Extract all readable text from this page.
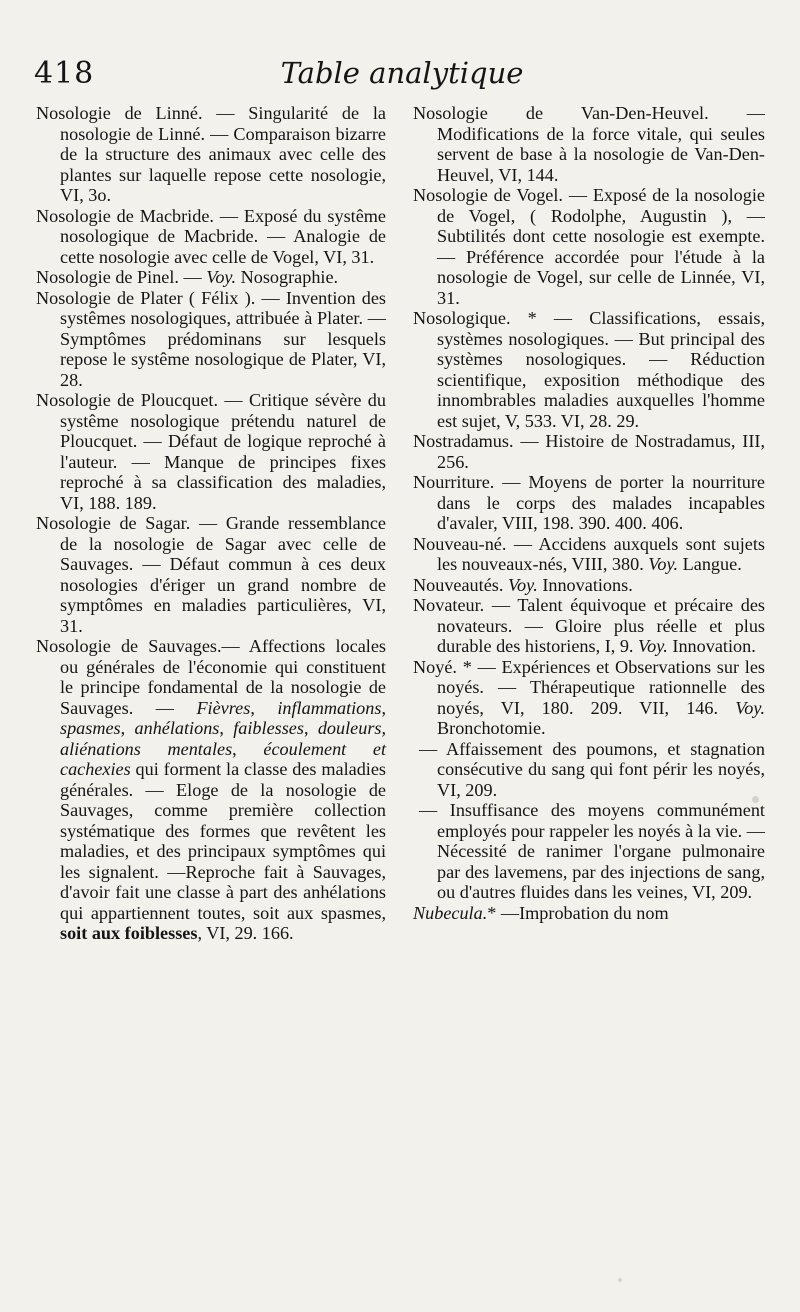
418	Table analytique

Nosologie de Linné. — Singularité de la nosologie de Linné. — Comparaison bizarre de la structure des animaux avec celle des plantes sur laquelle repose cette nosologie, VI, 3o.

Nosologie de Macbride. — Exposé du systême nosologique de Macbride. — Analogie de cette nosologie avec celle de Vogel, VI, 31.

Nosologie de Pinel. — Voy. Nosographie.

Nosologie de Plater ( Félix ). — Invention des systêmes nosologiques, attribuée à Plater. — Symptômes prédominans sur lesquels repose le systême nosologique de Plater, VI, 28.

Nosologie de Ploucquet. — Critique sévère du systême nosologique prétendu naturel de Ploucquet. — Défaut de logique reproché à l'auteur. — Manque de principes fixes reproché à sa classification des maladies, VI, 188. 189.

Nosologie de Sagar. — Grande ressemblance de la nosologie de Sagar avec celle de Sauvages. — Défaut commun à ces deux nosologies d'ériger un grand nombre de symptômes en maladies particulières, VI, 31.

Nosologie de Sauvages.— Affections locales ou générales de l'économie qui constituent le principe fondamental de la nosologie de Sauvages. — Fièvres, inflammations, spasmes, anhélations, faiblesses, douleurs, aliénations mentales, écoulement et cachexies qui forment la classe des maladies générales. — Eloge de la nosologie de Sauvages, comme première collection systématique des formes que revêtent les maladies, et des principaux symptômes qui les signalent. —Reproche fait à Sauvages, d'avoir fait une classe à part des anhélations qui appartiennent toutes, soit aux spasmes, soit aux foiblesses, VI, 29. 166.

Nosologie de Van-Den-Heuvel. — Modifications de la force vitale, qui seules servent de base à la nosologie de Van-Den-Heuvel, VI, 144.

Nosologie de Vogel. — Exposé de la nosologie de Vogel, ( Rodolphe, Augustin ), — Subtilités dont cette nosologie est exempte. — Préférence accordée pour l'étude à la nosologie de Vogel, sur celle de Linnée, VI, 31.

Nosologique. * — Classifications, essais, systèmes nosologiques. — But principal des systèmes nosologiques. — Réduction scientifique, exposition méthodique des innombrables maladies auxquelles l'homme est sujet, V, 533. VI, 28. 29.

Nostradamus. — Histoire de Nostradamus, III, 256.

Nourriture. — Moyens de porter la nourriture dans le corps des malades incapables d'avaler, VIII, 198. 390. 400. 406.

Nouveau-né. — Accidens auxquels sont sujets les nouveaux-nés, VIII, 380. Voy. Langue.

Nouveautés. Voy. Innovations.

Novateur. — Talent équivoque et précaire des novateurs. — Gloire plus réelle et plus durable des historiens, I, 9. Voy. Innovation.

Noyé. * — Expériences et Observations sur les noyés. — Thérapeutique rationnelle des noyés, VI, 180. 209. VII, 146. Voy. Bronchotomie.

— Affaissement des poumons, et stagnation consécutive du sang qui font périr les noyés, VI, 209.

— Insuffisance des moyens communément employés pour rappeler les noyés à la vie. — Nécessité de ranimer l'organe pulmonaire par des lavemens, par des injections de sang, ou d'autres fluides dans les veines, VI, 209.

Nubecula.* —Improbation du nom
